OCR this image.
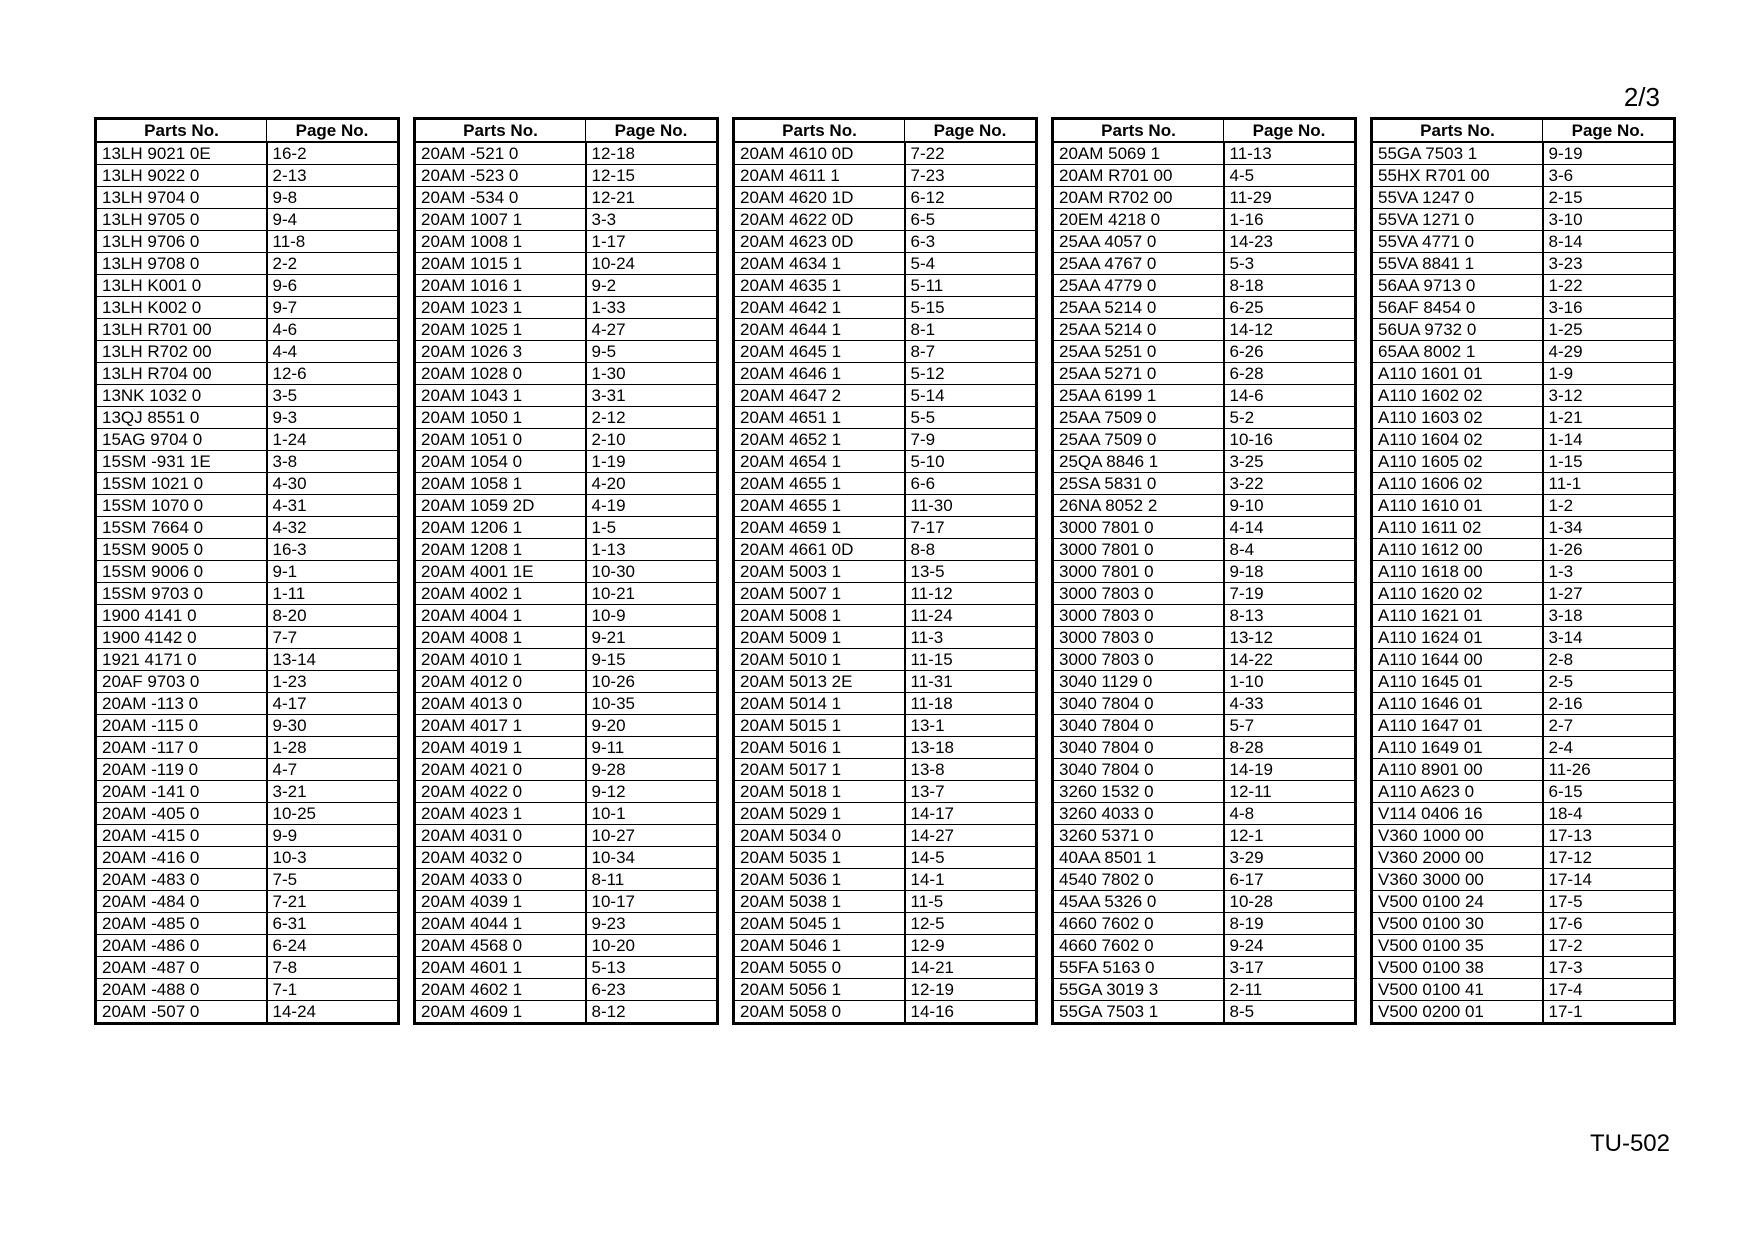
2/3
Parts No.	Page No.
13LH 9021 0E	16-2
13LH 9022 0	2-13
13LH 9704 0	9-8
13LH 9705 0	9-4
13LH 9706 0	11-8
13LH 9708 0	2-2
13LH K001 0	9-6
13LH K002 0	9-7
13LH R701 00	4-6
13LH R702 00	4-4
13LH R704 00	12-6
13NK 1032 0	3-5
13QJ 8551 0	9-3
15AG 9704 0	1-24
15SM -931 1E	3-8
15SM 1021 0	4-30
15SM 1070 0	4-31
15SM 7664 0	4-32
15SM 9005 0	16-3
15SM 9006 0	9-1
15SM 9703 0	1-11
1900 4141 0	8-20
1900 4142 0	7-7
1921 4171 0	13-14
20AF 9703 0	1-23
20AM -113 0	4-17
20AM -115 0	9-30
20AM -117 0	1-28
20AM -119 0	4-7
20AM -141 0	3-21
20AM -405 0	10-25
20AM -415 0	9-9
20AM -416 0	10-3
20AM -483 0	7-5
20AM -484 0	7-21
20AM -485 0	6-31
20AM -486 0	6-24
20AM -487 0	7-8
20AM -488 0	7-1
20AM -507 0	14-24
Parts No.	Page No.
20AM -521 0	12-18
20AM -523 0	12-15
20AM -534 0	12-21
20AM 1007 1	3-3
20AM 1008 1	1-17
20AM 1015 1	10-24
20AM 1016 1	9-2
20AM 1023 1	1-33
20AM 1025 1	4-27
20AM 1026 3	9-5
20AM 1028 0	1-30
20AM 1043 1	3-31
20AM 1050 1	2-12
20AM 1051 0	2-10
20AM 1054 0	1-19
20AM 1058 1	4-20
20AM 1059 2D	4-19
20AM 1206 1	1-5
20AM 1208 1	1-13
20AM 4001 1E	10-30
20AM 4002 1	10-21
20AM 4004 1	10-9
20AM 4008 1	9-21
20AM 4010 1	9-15
20AM 4012 0	10-26
20AM 4013 0	10-35
20AM 4017 1	9-20
20AM 4019 1	9-11
20AM 4021 0	9-28
20AM 4022 0	9-12
20AM 4023 1	10-1
20AM 4031 0	10-27
20AM 4032 0	10-34
20AM 4033 0	8-11
20AM 4039 1	10-17
20AM 4044 1	9-23
20AM 4568 0	10-20
20AM 4601 1	5-13
20AM 4602 1	6-23
20AM 4609 1	8-12
Parts No.	Page No.
20AM 4610 0D	7-22
20AM 4611 1	7-23
20AM 4620 1D	6-12
20AM 4622 0D	6-5
20AM 4623 0D	6-3
20AM 4634 1	5-4
20AM 4635 1	5-11
20AM 4642 1	5-15
20AM 4644 1	8-1
20AM 4645 1	8-7
20AM 4646 1	5-12
20AM 4647 2	5-14
20AM 4651 1	5-5
20AM 4652 1	7-9
20AM 4654 1	5-10
20AM 4655 1	6-6
20AM 4655 1	11-30
20AM 4659 1	7-17
20AM 4661 0D	8-8
20AM 5003 1	13-5
20AM 5007 1	11-12
20AM 5008 1	11-24
20AM 5009 1	11-3
20AM 5010 1	11-15
20AM 5013 2E	11-31
20AM 5014 1	11-18
20AM 5015 1	13-1
20AM 5016 1	13-18
20AM 5017 1	13-8
20AM 5018 1	13-7
20AM 5029 1	14-17
20AM 5034 0	14-27
20AM 5035 1	14-5
20AM 5036 1	14-1
20AM 5038 1	11-5
20AM 5045 1	12-5
20AM 5046 1	12-9
20AM 5055 0	14-21
20AM 5056 1	12-19
20AM 5058 0	14-16
Parts No.	Page No.
20AM 5069 1	11-13
20AM R701 00	4-5
20AM R702 00	11-29
20EM 4218 0	1-16
25AA 4057 0	14-23
25AA 4767 0	5-3
25AA 4779 0	8-18
25AA 5214 0	6-25
25AA 5214 0	14-12
25AA 5251 0	6-26
25AA 5271 0	6-28
25AA 6199 1	14-6
25AA 7509 0	5-2
25AA 7509 0	10-16
25QA 8846 1	3-25
25SA 5831 0	3-22
26NA 8052 2	9-10
3000 7801 0	4-14
3000 7801 0	8-4
3000 7801 0	9-18
3000 7803 0	7-19
3000 7803 0	8-13
3000 7803 0	13-12
3000 7803 0	14-22
3040 1129 0	1-10
3040 7804 0	4-33
3040 7804 0	5-7
3040 7804 0	8-28
3040 7804 0	14-19
3260 1532 0	12-11
3260 4033 0	4-8
3260 5371 0	12-1
40AA 8501 1	3-29
4540 7802 0	6-17
45AA 5326 0	10-28
4660 7602 0	8-19
4660 7602 0	9-24
55FA 5163 0	3-17
55GA 3019 3	2-11
55GA 7503 1	8-5
Parts No.	Page No.
55GA 7503 1	9-19
55HX R701 00	3-6
55VA 1247 0	2-15
55VA 1271 0	3-10
55VA 4771 0	8-14
55VA 8841 1	3-23
56AA 9713 0	1-22
56AF 8454 0	3-16
56UA 9732 0	1-25
65AA 8002 1	4-29
A110 1601 01	1-9
A110 1602 02	3-12
A110 1603 02	1-21
A110 1604 02	1-14
A110 1605 02	1-15
A110 1606 02	11-1
A110 1610 01	1-2
A110 1611 02	1-34
A110 1612 00	1-26
A110 1618 00	1-3
A110 1620 02	1-27
A110 1621 01	3-18
A110 1624 01	3-14
A110 1644 00	2-8
A110 1645 01	2-5
A110 1646 01	2-16
A110 1647 01	2-7
A110 1649 01	2-4
A110 8901 00	11-26
A110 A623 0	6-15
V114 0406 16	18-4
V360 1000 00	17-13
V360 2000 00	17-12
V360 3000 00	17-14
V500 0100 24	17-5
V500 0100 30	17-6
V500 0100 35	17-2
V500 0100 38	17-3
V500 0100 41	17-4
V500 0200 01	17-1
TU-502
